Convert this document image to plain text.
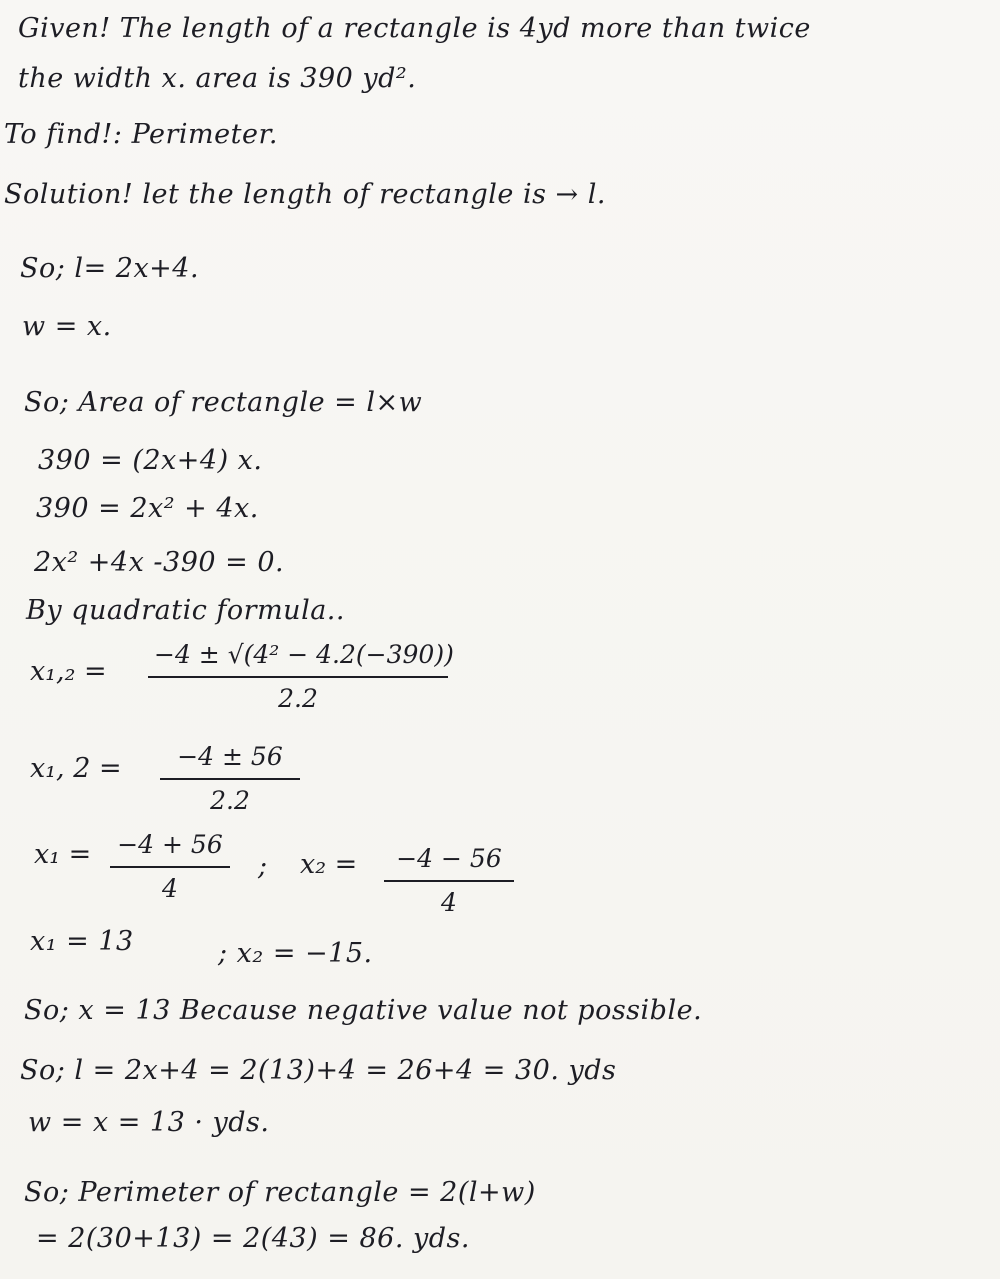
Given! The length of a rectangle is 4yd more than twice
the width x. area is 390 yd².
To find!: Perimeter.
Solution! let the length of rectangle is → l.
So; l= 2x+4.
w = x.
So; Area of rectangle = l×w
390 = (2x+4) x.
390 = 2x² + 4x.
2x² +4x -390 = 0.
By quadratic formula..
x₁,₂ =
−4 ± √(4² − 4.2(−390))
2.2
x₁, 2 =	−4 ± 56
2.2
x₁ = −4 + 56
4
; x₂ =	−4 − 56
4
x₁ = 13	; x₂ = −15.
So; x = 13 Because negative value not possible.
So; l = 2x+4 = 2(13)+4 = 26+4 = 30. yds
w = x = 13 · yds.
So; Perimeter of rectangle = 2(l+w)
= 2(30+13) = 2(43) = 86. yds.
